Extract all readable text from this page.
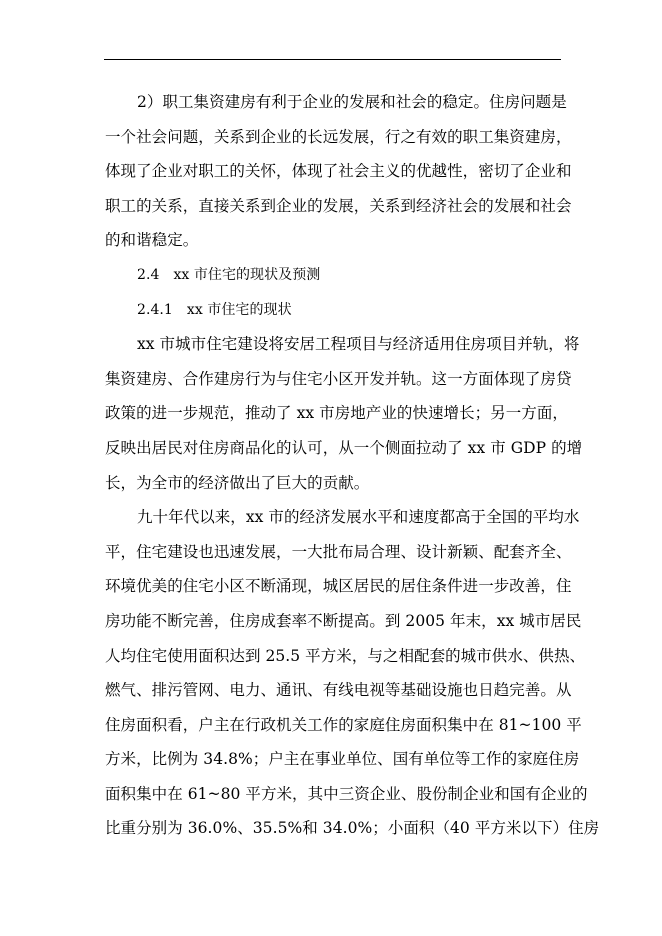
2）职工集资建房有利于企业的发展和社会的稳定。住房问题是
一个社会问题，关系到企业的长远发展，行之有效的职工集资建房，
体现了企业对职工的关怀，体现了社会主义的优越性，密切了企业和
职工的关系，直接关系到企业的发展，关系到经济社会的发展和社会
的和谐稳定。
2.4　xx 市住宅的现状及预测
2.4.1　xx 市住宅的现状
xx 市城市住宅建设将安居工程项目与经济适用住房项目并轨，将
集资建房、合作建房行为与住宅小区开发并轨。这一方面体现了房贷
政策的进一步规范，推动了 xx 市房地产业的快速增长；另一方面，
反映出居民对住房商品化的认可，从一个侧面拉动了 xx 市 GDP 的增
长，为全市的经济做出了巨大的贡献。
九十年代以来，xx 市的经济发展水平和速度都高于全国的平均水
平，住宅建设也迅速发展，一大批布局合理、设计新颖、配套齐全、
环境优美的住宅小区不断涌现，城区居民的居住条件进一步改善，住
房功能不断完善，住房成套率不断提高。到 2005 年末，xx 城市居民
人均住宅使用面积达到 25.5 平方米，与之相配套的城市供水、供热、
燃气、排污管网、电力、通讯、有线电视等基础设施也日趋完善。从
住房面积看，户主在行政机关工作的家庭住房面积集中在 81~100 平
方米，比例为 34.8%；户主在事业单位、国有单位等工作的家庭住房
面积集中在 61~80 平方米，其中三资企业、股份制企业和国有企业的
比重分别为 36.0%、35.5%和 34.0%；小面积（40 平方米以下）住房
